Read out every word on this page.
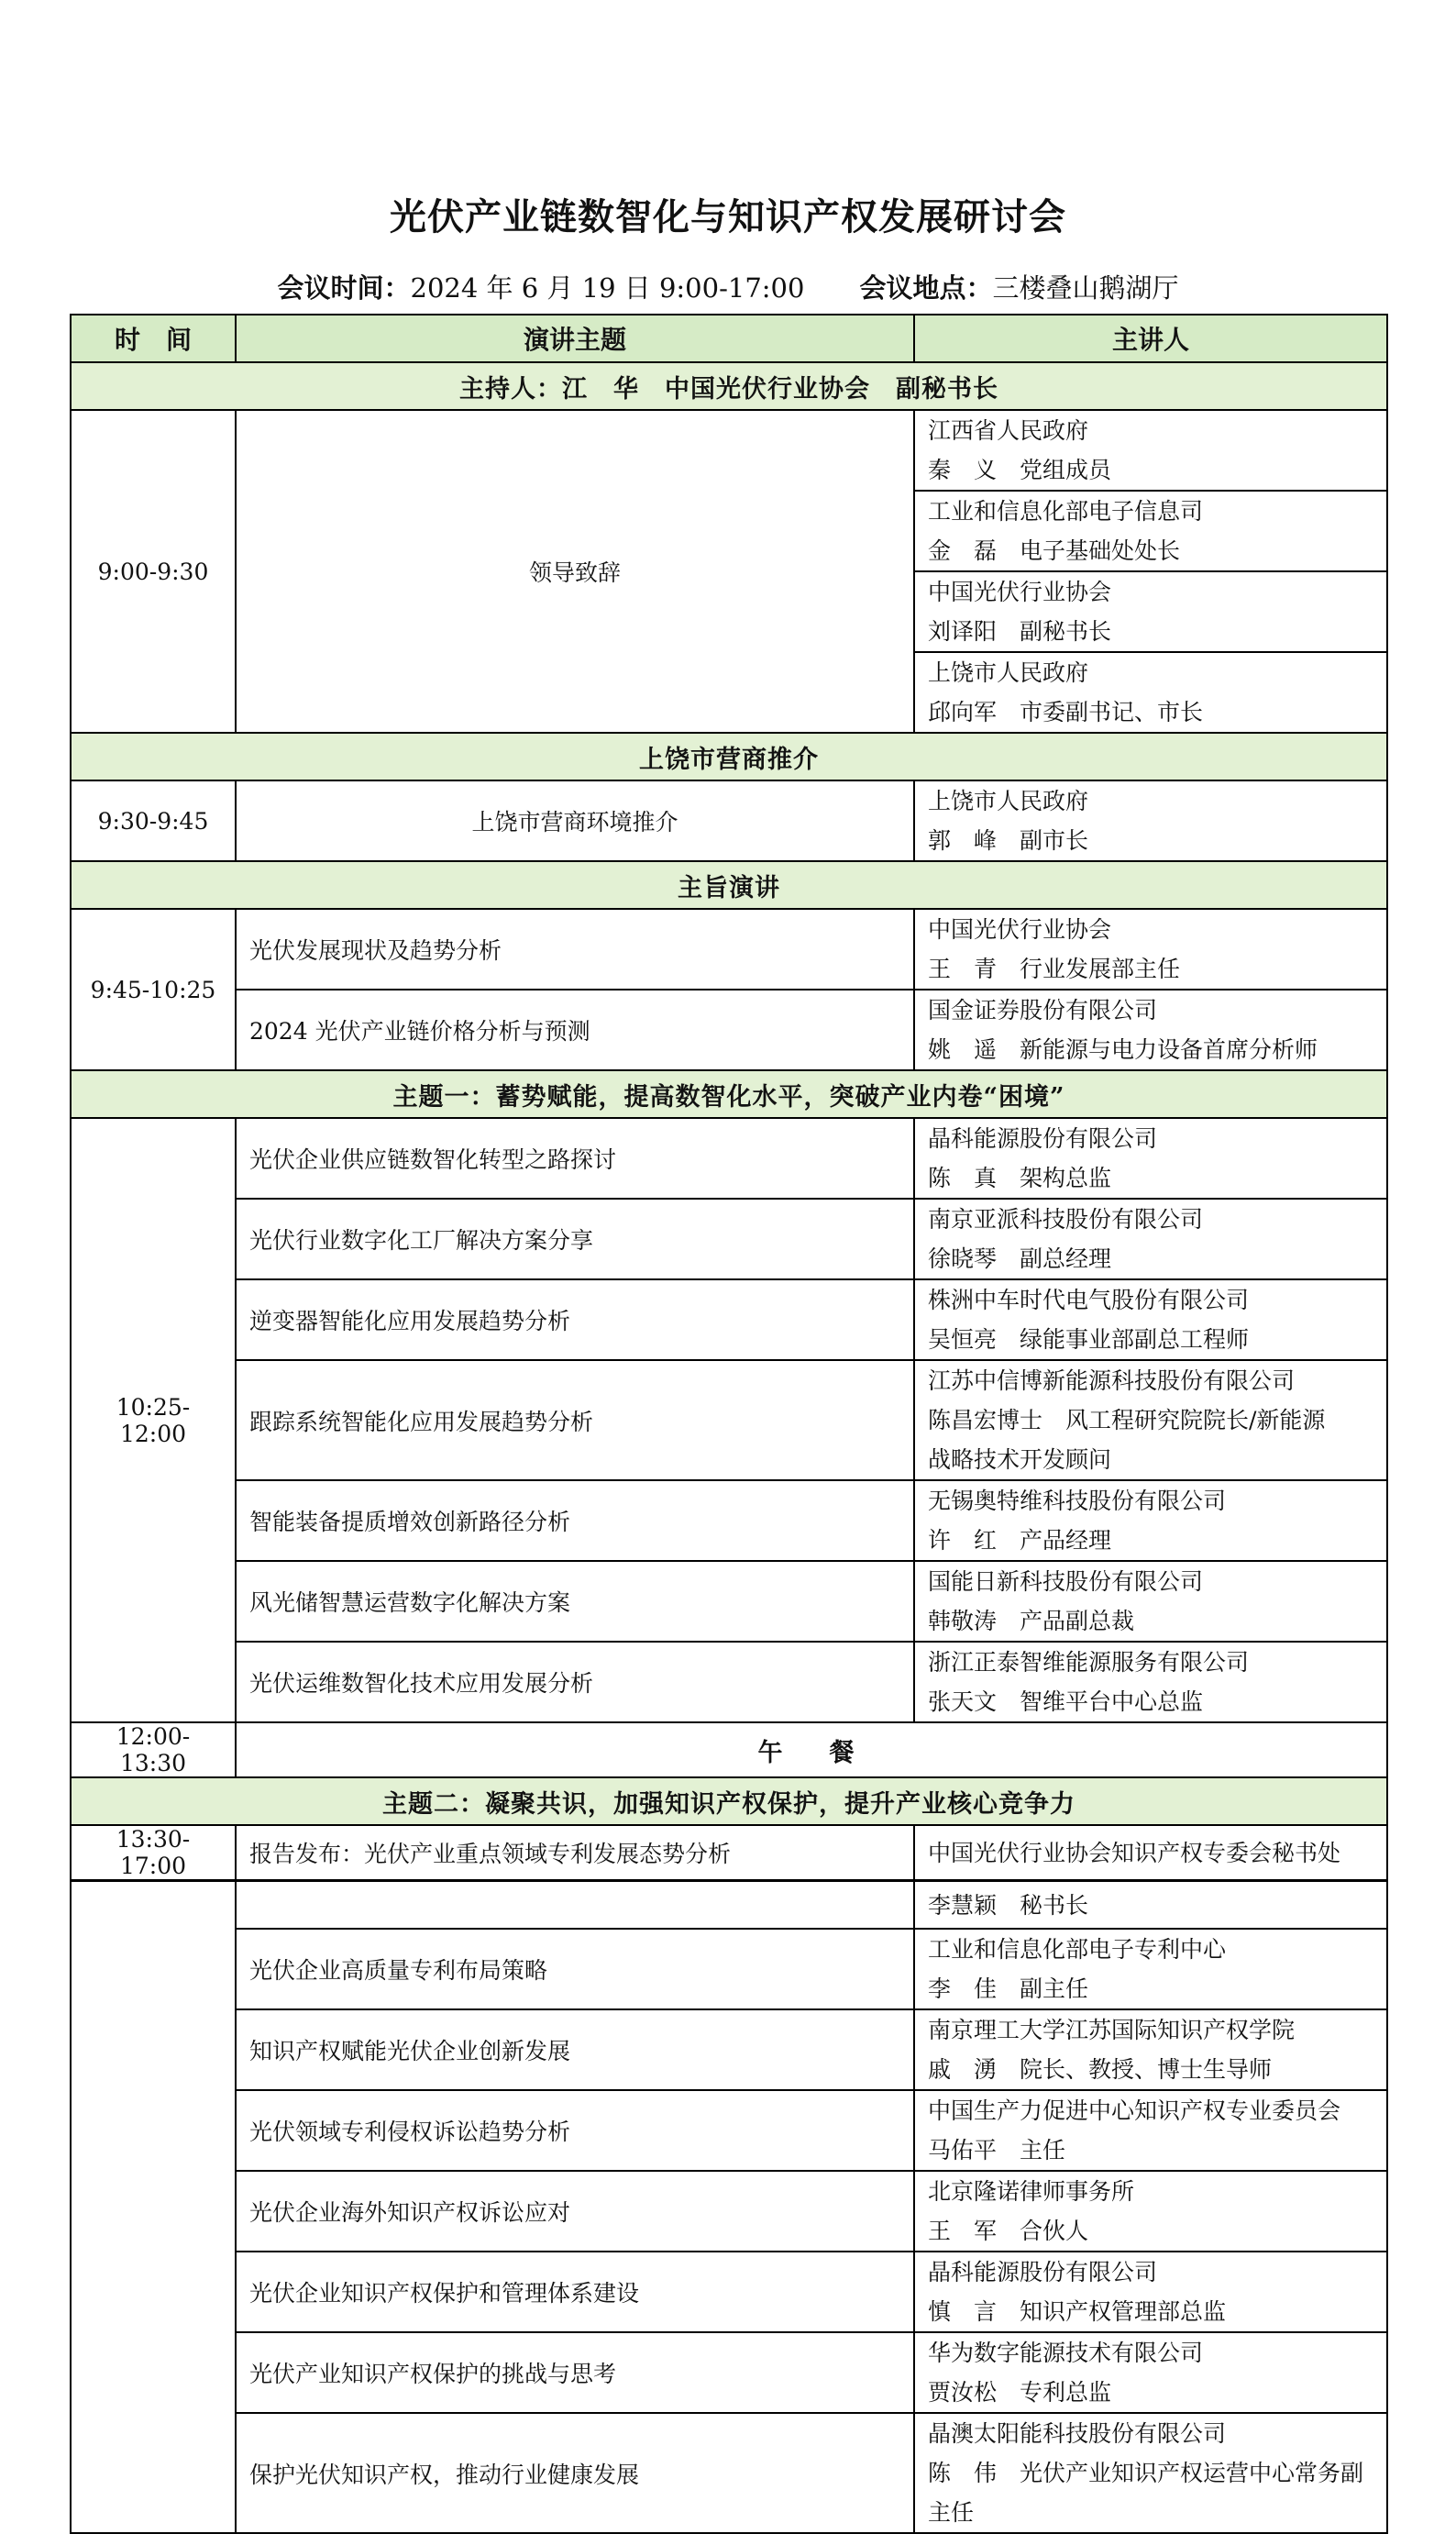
光伏产业链数智化与知识产权发展研讨会
会议时间：2024 年 6 月 19 日 9:00-17:00 会议地点：三楼叠山鹅湖厅
时　间	演讲主题	主讲人
主持人：江　华　中国光伏行业协会　副秘书长		
9:00-9:30	领导致辞	江西省人民政府
秦　义　党组成员

		工业和信息化部电子信息司
金　磊　电子基础处处长

		中国光伏行业协会
刘译阳　副秘书长

		上饶市人民政府
邱向军　市委副书记、市长

上饶市营商推介		
9:30-9:45	上饶市营商环境推介	上饶市人民政府
郭　峰　副市长

主旨演讲		
9:45-10:25	光伏发展现状及趋势分析	中国光伏行业协会
王　青　行业发展部主任

	2024 光伏产业链价格分析与预测	国金证券股份有限公司
姚　遥　新能源与电力设备首席分析师

主题一：蓄势赋能，提高数智化水平，突破产业内卷“困境”		
10:25-12:00	光伏企业供应链数智化转型之路探讨	晶科能源股份有限公司
陈　真　架构总监

	光伏行业数字化工厂解决方案分享	南京亚派科技股份有限公司
徐晓琴　副总经理

	逆变器智能化应用发展趋势分析	株洲中车时代电气股份有限公司
吴恒亮　绿能事业部副总工程师

	跟踪系统智能化应用发展趋势分析	江苏中信博新能源科技股份有限公司
陈昌宏博士　风工程研究院院长/新能源
战略技术开发顾问

	智能装备提质增效创新路径分析	无锡奥特维科技股份有限公司
许　红　产品经理

	风光储智慧运营数字化解决方案	国能日新科技股份有限公司
韩敬涛　产品副总裁

	光伏运维数智化技术应用发展分析	浙江正泰智维能源服务有限公司
张天文　智维平台中心总监

12:00-13:30	午　餐	
主题二：凝聚共识，加强知识产权保护，提升产业核心竞争力		
13:30-17:00	报告发布：光伏产业重点领域专利发展态势分析	中国光伏行业协会知识产权专委会秘书处

		李慧颖　秘书长

	光伏企业高质量专利布局策略	工业和信息化部电子专利中心
李　佳　副主任

	知识产权赋能光伏企业创新发展	南京理工大学江苏国际知识产权学院
戚　湧　院长、教授、博士生导师

	光伏领域专利侵权诉讼趋势分析	中国生产力促进中心知识产权专业委员会
马佑平　主任

	光伏企业海外知识产权诉讼应对	北京隆诺律师事务所
王　军　合伙人

	光伏企业知识产权保护和管理体系建设	晶科能源股份有限公司
慎　言　知识产权管理部总监

	光伏产业知识产权保护的挑战与思考	华为数字能源技术有限公司
贾汝松　专利总监

	保护光伏知识产权，推动行业健康发展	晶澳太阳能科技股份有限公司
陈　伟　光伏产业知识产权运营中心常务副
主任
